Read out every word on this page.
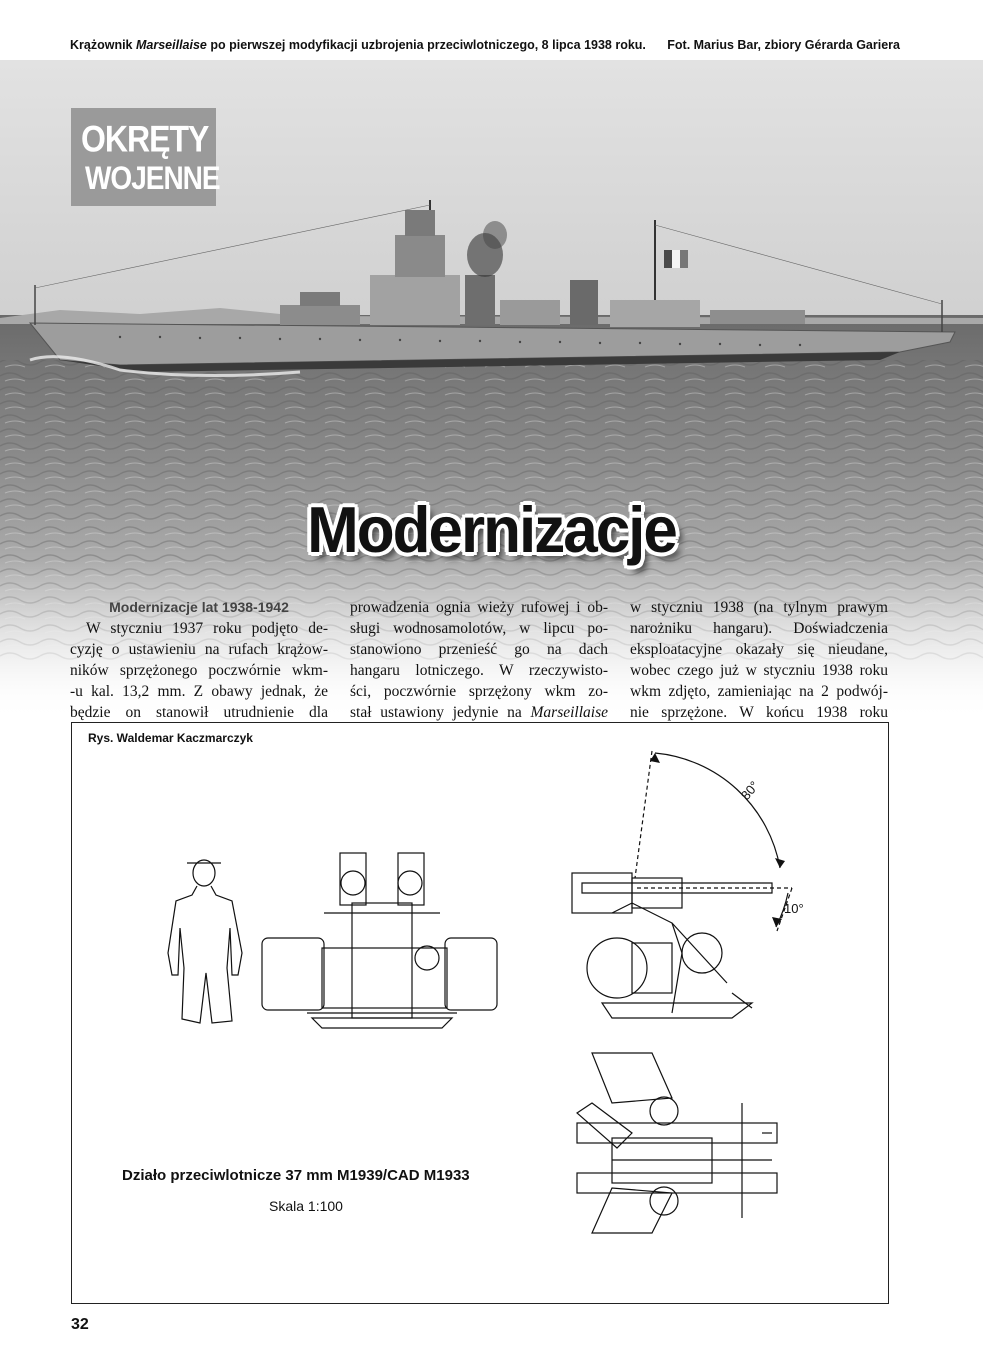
Krążownik Marseillaise po pierwszej modyfikacji uzbrojenia przeciwlotniczego, 8 lipca 1938 roku. Fot. Marius Bar, zbiory Gérarda Gariera
OKRĘTY
WOJENNE
Modernizacje
Modernizacje lat 1938-1942
W styczniu 1937 roku podjęto de-
cyzję o ustawieniu na rufach krążow-
ników sprzężonego poczwórnie wkm-
-u kal. 13,2 mm. Z obawy jednak, że
będzie on stanowił utrudnienie dla
prowadzenia ognia wieży rufowej i ob-
sługi wodnosamolotów, w lipcu po-
stanowiono przenieść go na dach
hangaru lotniczego. W rzeczywisto-
ści, poczwórnie sprzężony wkm zo-
stał ustawiony jedynie na Marseillaise
w styczniu 1938 (na tylnym prawym
narożniku hangaru). Doświadczenia
eksploatacyjne okazały się nieudane,
wobec czego już w styczniu 1938 roku
wkm zdjęto, zamieniając na 2 podwój-
nie sprzężone. W końcu 1938 roku
Rys. Waldemar Kaczmarczyk
80°
10°
Działo przeciwlotnicze 37 mm M1939/CAD M1933
Skala 1:100
32
